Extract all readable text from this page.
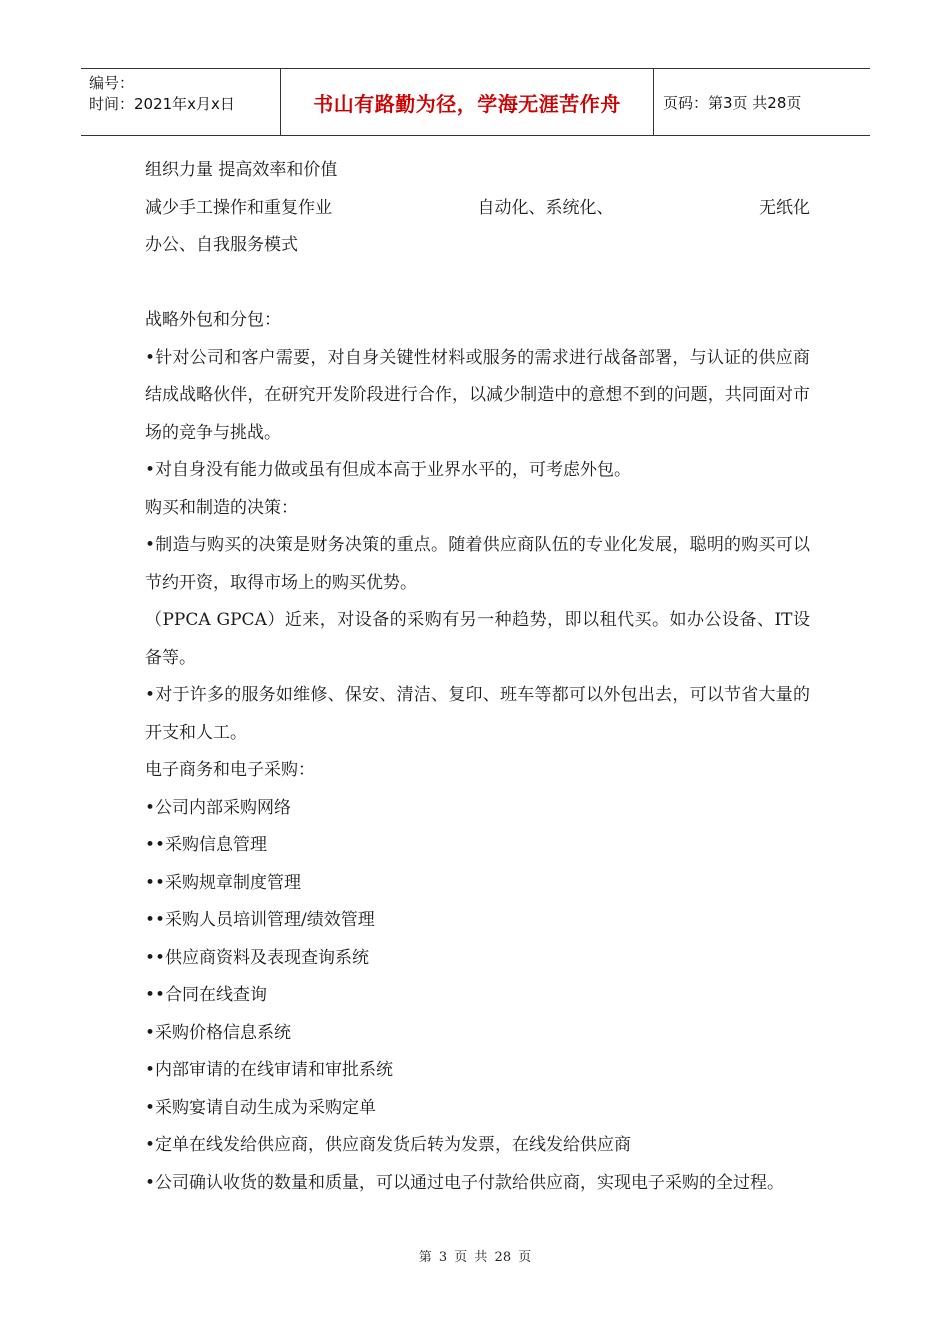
编号：
时间：2021年x月x日	书山有路勤为径，学海无涯苦作舟	页码：第3页 共28页
组织力量 提高效率和价值
减少手工操作和重复作业	自动化、系统化、	无纸化
办公、自我服务模式
战略外包和分包：
•针对公司和客户需要，对自身关键性材料或服务的需求进行战备部署，与认证的供应商结成战略伙伴，在研究开发阶段进行合作，以减少制造中的意想不到的问题，共同面对市场的竞争与挑战。
•对自身没有能力做或虽有但成本高于业界水平的，可考虑外包。
购买和制造的决策：
•制造与购买的决策是财务决策的重点。随着供应商队伍的专业化发展，聪明的购买可以节约开资，取得市场上的购买优势。
（PPCA GPCA）近来，对设备的采购有另一种趋势，即以租代买。如办公设备、IT设备等。
•对于许多的服务如维修、保安、清洁、复印、班车等都可以外包出去，可以节省大量的开支和人工。
电子商务和电子采购：
•公司内部采购网络
••采购信息管理
••采购规章制度管理
••采购人员培训管理/绩效管理
••供应商资料及表现查询系统
••合同在线查询
•采购价格信息系统
•内部审请的在线审请和审批系统
•采购宴请自动生成为采购定单
•定单在线发给供应商，供应商发货后转为发票，在线发给供应商
•公司确认收货的数量和质量，可以通过电子付款给供应商，实现电子采购的全过程。
第 3 页 共 28 页
